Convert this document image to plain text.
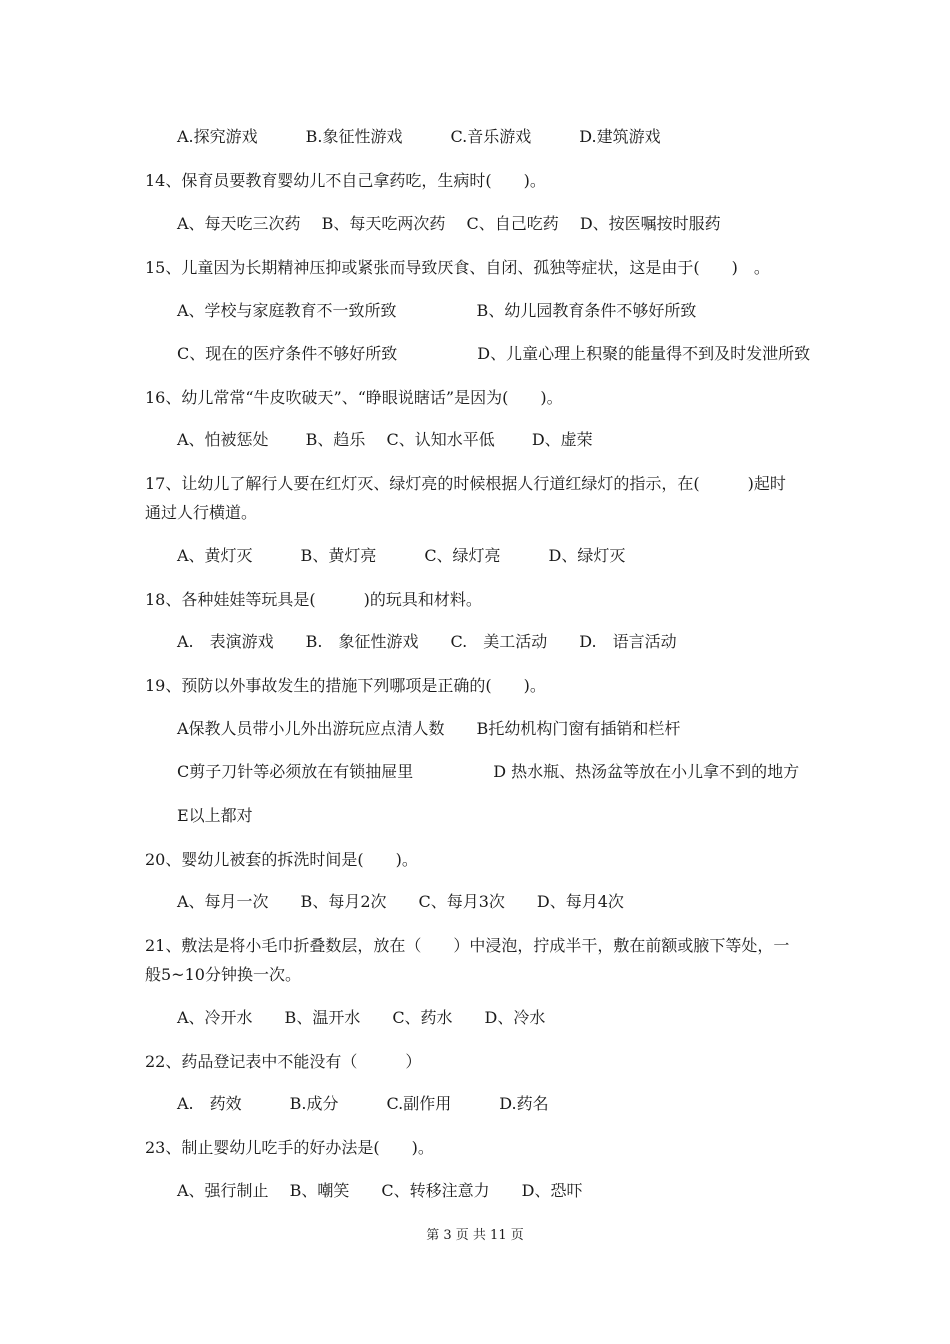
A.探究游戏　　　B.象征性游戏　　　C.音乐游戏　　　D.建筑游戏
14、保育员要教育婴幼儿不自己拿药吃，生病时(　　)。
A、每天吃三次药　 B、每天吃两次药　 C、自己吃药　 D、按医嘱按时服药
15、儿童因为长期精神压抑或紧张而导致厌食、自闭、孤独等症状，这是由于(　　)　。
A、学校与家庭教育不一致所致　　　　　B、幼儿园教育条件不够好所致
C、现在的医疗条件不够好所致　　　　　D、儿童心理上积聚的能量得不到及时发泄所致
16、幼儿常常“牛皮吹破天”、“睁眼说瞎话”是因为(　　)。
A、怕被惩处　　 B、趋乐　 C、认知水平低　　 D、虚荣
17、让幼儿了解行人要在红灯灭、绿灯亮的时候根据人行道红绿灯的指示，在(　　　)起时
通过人行横道。
A、黄灯灭　　　B、黄灯亮　　　C、绿灯亮　　　D、绿灯灭
18、各种娃娃等玩具是(　　　)的玩具和材料。
A.　表演游戏　　B.　象征性游戏　　C.　美工活动　　D.　语言活动
19、预防以外事故发生的措施下列哪项是正确的(　　)。
A保教人员带小儿外出游玩应点清人数　　B托幼机构门窗有插销和栏杆
C剪子刀针等必须放在有锁抽屉里　　　　　D 热水瓶、热汤盆等放在小儿拿不到的地方
E以上都对
20、婴幼儿被套的拆洗时间是(　　)。
A、每月一次　　B、每月2次　　C、每月3次　　D、每月4次
21、敷法是将小毛巾折叠数层，放在（　　）中浸泡，拧成半干，敷在前额或腋下等处，一
般5~10分钟换一次。
A、冷开水　　B、温开水　　C、药水　　D、冷水
22、药品登记表中不能没有（　　　）
A.　药效　　　B.成分　　　C.副作用　　　D.药名
23、制止婴幼儿吃手的好办法是(　　)。
A、强行制止　 B、嘲笑　　C、转移注意力　　D、恐吓
第 3 页 共 11 页
